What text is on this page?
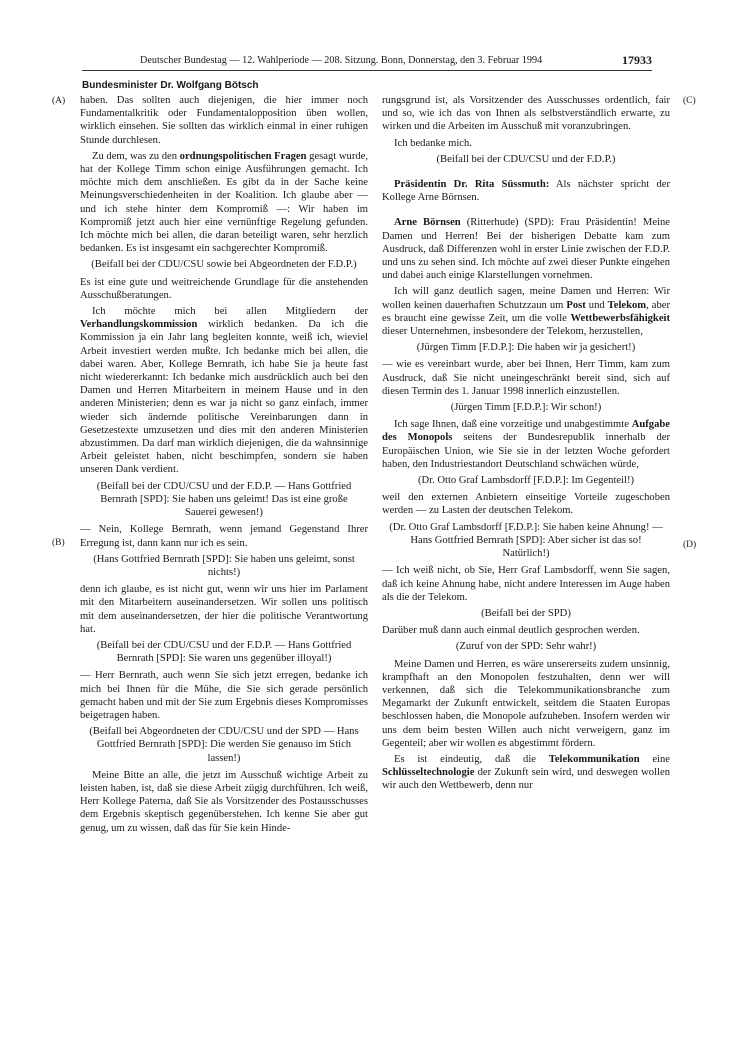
Deutscher Bundestag — 12. Wahlperiode — 208. Sitzung. Bonn, Donnerstag, den 3. Februar 1994	17933
Bundesminister Dr. Wolfgang Bötsch
(A)
(B)
(C)
(D)

haben. Das sollten auch diejenigen, die hier immer noch Fundamentalkritik oder Fundamentalopposition üben wollen, wirklich einsehen. Sie sollten das wirklich einmal in einer ruhigen Stunde durchlesen.

Zu dem, was zu den ordnungspolitischen Fragen gesagt wurde, hat der Kollege Timm schon einige Ausführungen gemacht. Ich möchte mich dem anschließen. Es gibt da in der Sache keine Meinungsverschiedenheiten in der Koalition. Ich glaube aber — und ich stehe hinter dem Kompromiß —: Wir haben im Kompromiß jetzt auch hier eine vernünftige Regelung gefunden. Ich möchte mich bei allen, die daran beteiligt waren, sehr herzlich bedanken. Es ist insgesamt ein sachgerechter Kompromiß.

(Beifall bei der CDU/CSU sowie bei Abgeordneten der F.D.P.)

Es ist eine gute und weitreichende Grundlage für die anstehenden Ausschußberatungen.

Ich möchte mich bei allen Mitgliedern der Verhandlungskommission wirklich bedanken. Da ich die Kommission ja ein Jahr lang begleiten konnte, weiß ich, wieviel Arbeit investiert werden mußte. Ich bedanke mich bei allen, die dabei waren. Aber, Kollege Bernrath, ich habe Sie ja heute fast nicht wiedererkannt: Ich bedanke mich ausdrücklich auch bei den Damen und Herren Mitarbeitern in meinem Hause und in den anderen Ministerien; denn es war ja nicht so ganz einfach, immer wieder sich ändernde politische Vereinbarungen dann in Gesetzestexte umzusetzen und dies mit den anderen Ministerien abzustimmen. Da darf man wirklich diejenigen, die da wahnsinnige Arbeit geleistet haben, nicht beschimpfen, sondern sie haben unseren Dank verdient.

(Beifall bei der CDU/CSU und der F.D.P. — Hans Gottfried Bernrath [SPD]: Sie haben uns geleimt! Das ist eine große Sauerei gewesen!)

— Nein, Kollege Bernrath, wenn jemand Gegenstand Ihrer Erregung ist, dann kann nur ich es sein.

(Hans Gottfried Bernrath [SPD]: Sie haben uns geleimt, sonst nichts!)

denn ich glaube, es ist nicht gut, wenn wir uns hier im Parlament mit den Mitarbeitern auseinandersetzen. Wir sollen uns politisch mit dem auseinandersetzen, der hier die politische Verantwortung hat.

(Beifall bei der CDU/CSU und der F.D.P. — Hans Gottfried Bernrath [SPD]: Sie waren uns gegenüber illoyal!)

— Herr Bernrath, auch wenn Sie sich jetzt erregen, bedanke ich mich bei Ihnen für die Mühe, die Sie sich gerade persönlich gemacht haben und mit der Sie zum Ergebnis dieses Kompromisses beigetragen haben.

(Beifall bei Abgeordneten der CDU/CSU und der SPD — Hans Gottfried Bernrath [SPD]: Die werden Sie genauso im Stich lassen!)

Meine Bitte an alle, die jetzt im Ausschuß wichtige Arbeit zu leisten haben, ist, daß sie diese Arbeit zügig durchführen. Ich weiß, Herr Kollege Paterna, daß Sie als Vorsitzender des Postausschusses dem Ergebnis skeptisch gegenüberstehen. Ich kenne Sie aber gut genug, um zu wissen, daß das für Sie kein Hinde-

rungsgrund ist, als Vorsitzender des Ausschusses ordentlich, fair und so, wie ich das von Ihnen als selbstverständlich erwarte, zu wirken und die Arbeiten im Ausschuß mit voranzubringen.

Ich bedanke mich.

(Beifall bei der CDU/CSU und der F.D.P.)

Präsidentin Dr. Rita Süssmuth: Als nächster spricht der Kollege Arne Börnsen.

Arne Börnsen (Ritterhude) (SPD): Frau Präsidentin! Meine Damen und Herren! Bei der bisherigen Debatte kam zum Ausdruck, daß Differenzen wohl in erster Linie zwischen der F.D.P. und uns zu sehen sind. Ich möchte auf zwei dieser Punkte eingehen und dabei auch einige Klarstellungen vornehmen.

Ich will ganz deutlich sagen, meine Damen und Herren: Wir wollen keinen dauerhaften Schutzzaun um Post und Telekom, aber es braucht eine gewisse Zeit, um die volle Wettbewerbsfähigkeit dieser Unternehmen, insbesondere der Telekom, herzustellen,

(Jürgen Timm [F.D.P.]: Die haben wir ja gesichert!)

— wie es vereinbart wurde, aber bei Ihnen, Herr Timm, kam zum Ausdruck, daß Sie nicht uneingeschränkt bereit sind, sich auf diesen Termin des 1. Januar 1998 innerlich einzustellen.

(Jürgen Timm [F.D.P.]: Wir schon!)

Ich sage Ihnen, daß eine vorzeitige und unabgestimmte Aufgabe des Monopols seitens der Bundesrepublik innerhalb der Europäischen Union, wie Sie sie in der letzten Woche gefordert haben, den Industriestandort Deutschland schwächen würde,

(Dr. Otto Graf Lambsdorff [F.D.P.]: Im Gegenteil!)

weil den externen Anbietern einseitige Vorteile zugeschoben werden — zu Lasten der deutschen Telekom.

(Dr. Otto Graf Lambsdorff [F.D.P.]: Sie haben keine Ahnung! — Hans Gottfried Bernrath [SPD]: Aber sicher ist das so! Natürlich!)

— Ich weiß nicht, ob Sie, Herr Graf Lambsdorff, wenn Sie sagen, daß ich keine Ahnung habe, nicht andere Interessen im Auge haben als die der Telekom.

(Beifall bei der SPD)

Darüber muß dann auch einmal deutlich gesprochen werden.

(Zuruf von der SPD: Sehr wahr!)

Meine Damen und Herren, es wäre unsererseits zudem unsinnig, krampfhaft an den Monopolen festzuhalten, denn wer will verkennen, daß sich die Telekommunikationsbranche zum Megamarkt der Zukunft entwickelt, seitdem die Staaten Europas beschlossen haben, die Monopole aufzuheben. Insofern werden wir uns dem beim besten Willen auch nicht verweigern, ganz im Gegenteil; aber wir wollen es abgestimmt fördern.

Es ist eindeutig, daß die Telekommunikation eine Schlüsseltechnologie der Zukunft sein wird, und deswegen wollen wir auch den Wettbewerb, denn nur
